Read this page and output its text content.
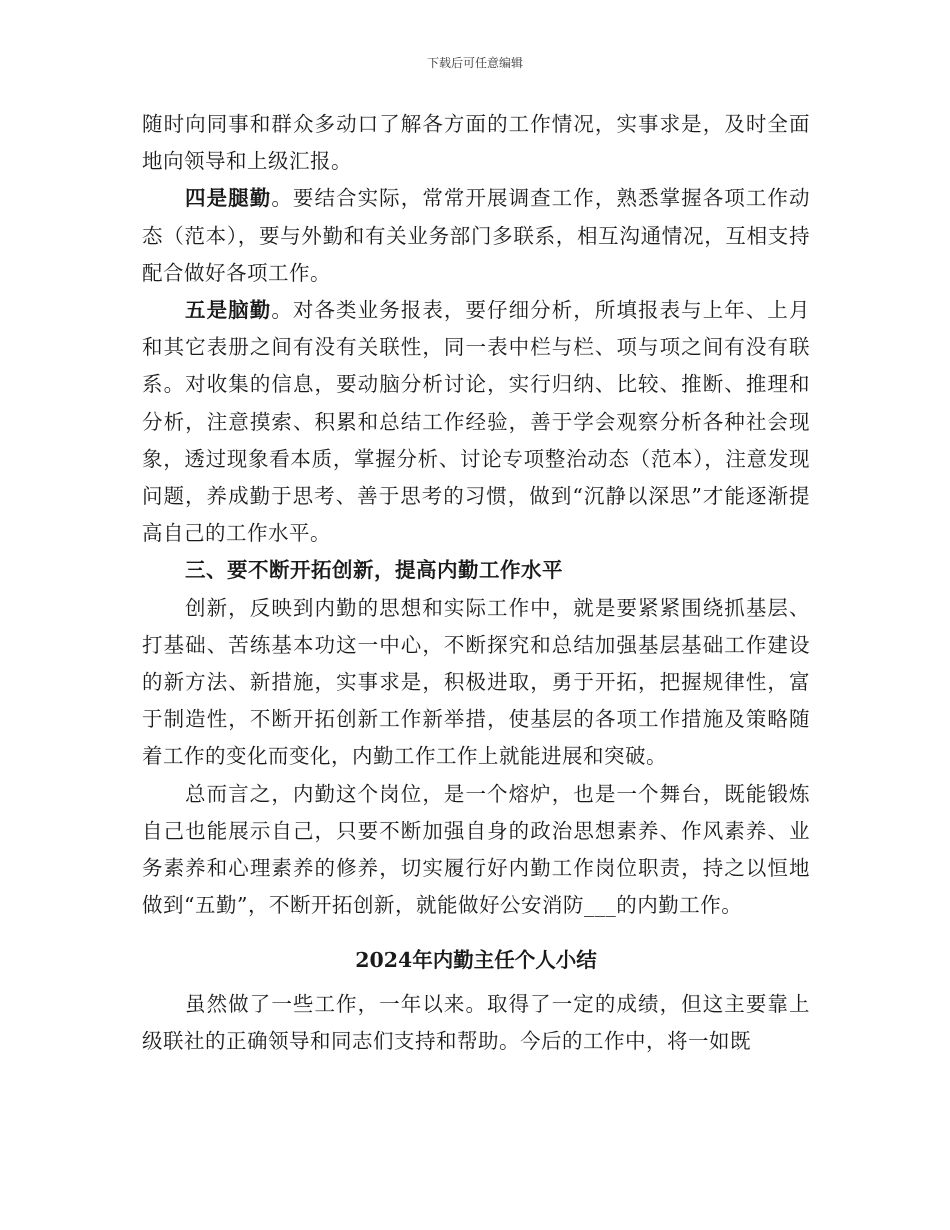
下载后可任意编辑

随时向同事和群众多动口了解各方面的工作情况，实事求是，及时全面地向领导和上级汇报。

四是腿勤。要结合实际，常常开展调查工作，熟悉掌握各项工作动态（范本），要与外勤和有关业务部门多联系，相互沟通情况，互相支持配合做好各项工作。

五是脑勤。对各类业务报表，要仔细分析，所填报表与上年、上月和其它表册之间有没有关联性，同一表中栏与栏、项与项之间有没有联系。对收集的信息，要动脑分析讨论，实行归纳、比较、推断、推理和分析，注意摸索、积累和总结工作经验，善于学会观察分析各种社会现象，透过现象看本质，掌握分析、讨论专项整治动态（范本），注意发现问题，养成勤于思考、善于思考的习惯，做到“沉静以深思”才能逐渐提高自己的工作水平。

三、要不断开拓创新，提高内勤工作水平

创新，反映到内勤的思想和实际工作中，就是要紧紧围绕抓基层、打基础、苦练基本功这一中心，不断探究和总结加强基层基础工作建设的新方法、新措施，实事求是，积极进取，勇于开拓，把握规律性，富于制造性，不断开拓创新工作新举措，使基层的各项工作措施及策略随着工作的变化而变化，内勤工作工作上就能进展和突破。

总而言之，内勤这个岗位，是一个熔炉，也是一个舞台，既能锻炼自己也能展示自己，只要不断加强自身的政治思想素养、作风素养、业务素养和心理素养的修养，切实履行好内勤工作岗位职责，持之以恒地做到“五勤”，不断开拓创新，就能做好公安消防___的内勤工作。

2024年内勤主任个人小结

虽然做了一些工作，一年以来。取得了一定的成绩，但这主要靠上级联社的正确领导和同志们支持和帮助。今后的工作中，将一如既
